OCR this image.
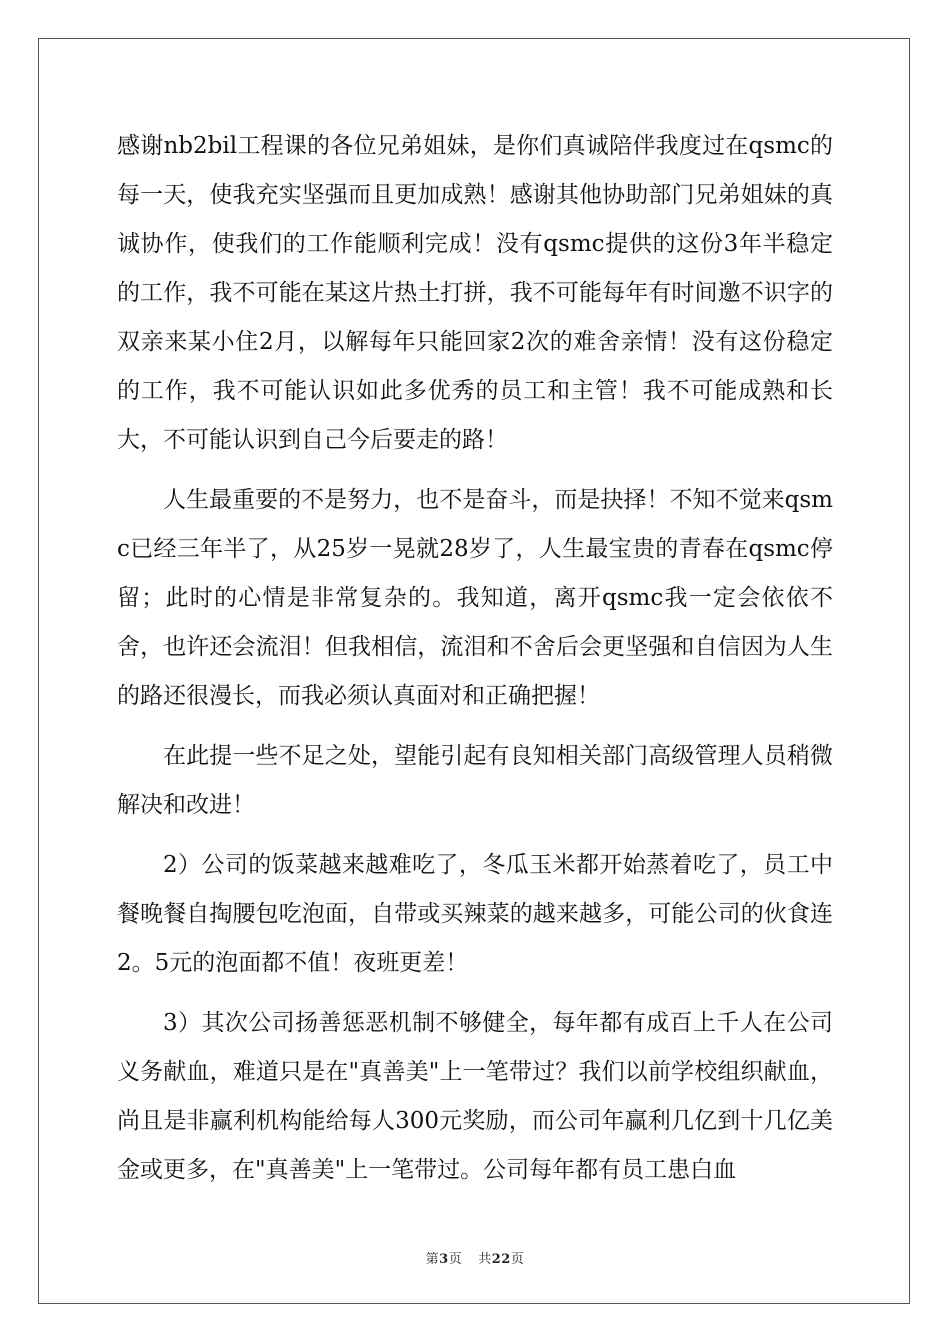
感谢nb2bil工程课的各位兄弟姐妹，是你们真诚陪伴我度过在qsmc的每一天，使我充实坚强而且更加成熟！感谢其他协助部门兄弟姐妹的真诚协作，使我们的工作能顺利完成！没有qsmc提供的这份3年半稳定的工作，我不可能在某这片热土打拼，我不可能每年有时间邀不识字的双亲来某小住2月，以解每年只能回家2次的难舍亲情！没有这份稳定的工作，我不可能认识如此多优秀的员工和主管！我不可能成熟和长大，不可能认识到自己今后要走的路！

人生最重要的不是努力，也不是奋斗，而是抉择！不知不觉来qsmc已经三年半了，从25岁一晃就28岁了，人生最宝贵的青春在qsmc停留；此时的心情是非常复杂的。我知道，离开qsmc我一定会依依不舍，也许还会流泪！但我相信，流泪和不舍后会更坚强和自信因为人生的路还很漫长，而我必须认真面对和正确把握！

在此提一些不足之处，望能引起有良知相关部门高级管理人员稍微解决和改进！

2）公司的饭菜越来越难吃了，冬瓜玉米都开始蒸着吃了，员工中餐晚餐自掏腰包吃泡面，自带或买辣菜的越来越多，可能公司的伙食连2。5元的泡面都不值！夜班更差！

3）其次公司扬善惩恶机制不够健全，每年都有成百上千人在公司义务献血，难道只是在"真善美"上一笔带过？我们以前学校组织献血，尚且是非赢利机构能给每人300元奖励，而公司年赢利几亿到十几亿美金或更多，在"真善美"上一笔带过。公司每年都有员工患白血

第3页 共22页
